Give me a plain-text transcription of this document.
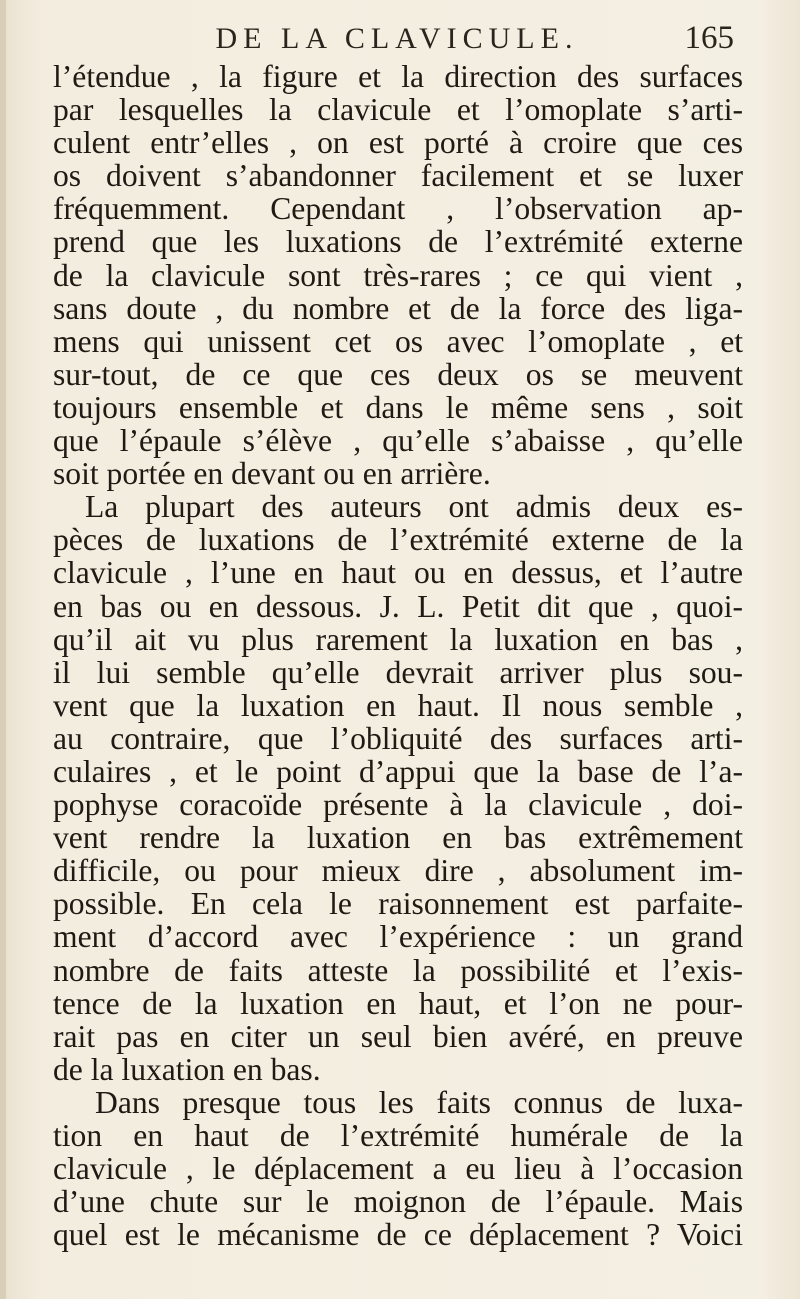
DE LA CLAVICULE.	165
l’étendue , la figure et la direction des surfaces
par lesquelles la clavicule et l’omoplate s’arti-
culent entr’elles , on est porté à croire que ces
os doivent s’abandonner facilement et se luxer
fréquemment. Cependant , l’observation ap-
prend que les luxations de l’extrémité externe
de la clavicule sont très-rares ; ce qui vient ,
sans doute , du nombre et de la force des liga-
mens qui unissent cet os avec l’omoplate , et
sur-tout, de ce que ces deux os se meuvent
toujours ensemble et dans le même sens , soit
que l’épaule s’élève , qu’elle s’abaisse , qu’elle
soit portée en devant ou en arrière.
La plupart des auteurs ont admis deux es-
pèces de luxations de l’extrémité externe de la
clavicule , l’une en haut ou en dessus, et l’autre
en bas ou en dessous. J. L. Petit dit que , quoi-
qu’il ait vu plus rarement la luxation en bas ,
il lui semble qu’elle devrait arriver plus sou-
vent que la luxation en haut. Il nous semble ,
au contraire, que l’obliquité des surfaces arti-
culaires , et le point d’appui que la base de l’a-
pophyse coracoïde présente à la clavicule , doi-
vent rendre la luxation en bas extrêmement
difficile, ou pour mieux dire , absolument im-
possible. En cela le raisonnement est parfaite-
ment d’accord avec l’expérience : un grand
nombre de faits atteste la possibilité et l’exis-
tence de la luxation en haut, et l’on ne pour-
rait pas en citer un seul bien avéré, en preuve
de la luxation en bas.
Dans presque tous les faits connus de luxa-
tion en haut de l’extrémité humérale de la
clavicule , le déplacement a eu lieu à l’occasion
d’une chute sur le moignon de l’épaule. Mais
quel est le mécanisme de ce déplacement ? Voici
